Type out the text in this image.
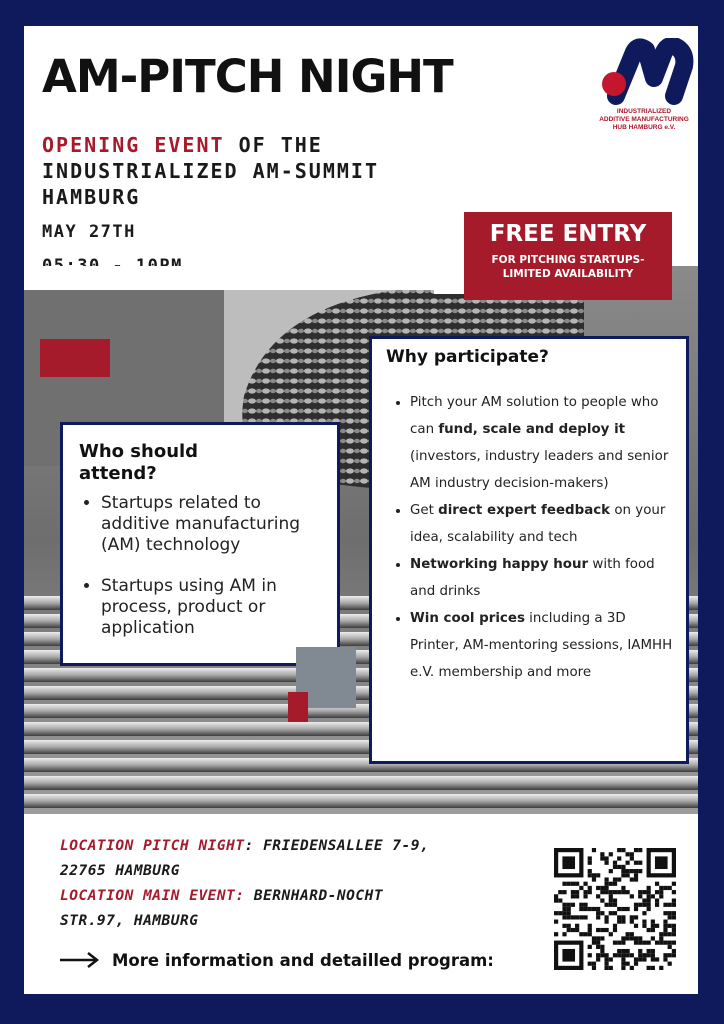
AM-PITCH NIGHT
INDUSTRIALIZED
ADDITIVE MANUFACTURING
HUB HAMBURG e.V.
OPENING EVENT OF THE
INDUSTRIALIZED AM-SUMMIT
HAMBURG
MAY 27TH	FREE ENTRY
FOR PITCHING STARTUPS-
LIMITED AVAILABILITY
Who should attend?
• Startups related to additive manufacturing (AM) technology
• Startups using AM in process, product or application
Why participate?
• Pitch your AM solution to people who can fund, scale and deploy it (investors, industry leaders and senior AM industry decision-makers)
• Get direct expert feedback on your idea, scalability and tech
• Networking happy hour with food and drinks
• Win cool prices including a 3D Printer, AM-mentoring sessions, IAMHH e.V. membership and more
LOCATION PITCH NIGHT: FRIEDENSALLEE 7-9,
22765 HAMBURG
LOCATION MAIN EVENT: BERNHARD-NOCHT
STR.97, HAMBURG
More information and detailled program:
